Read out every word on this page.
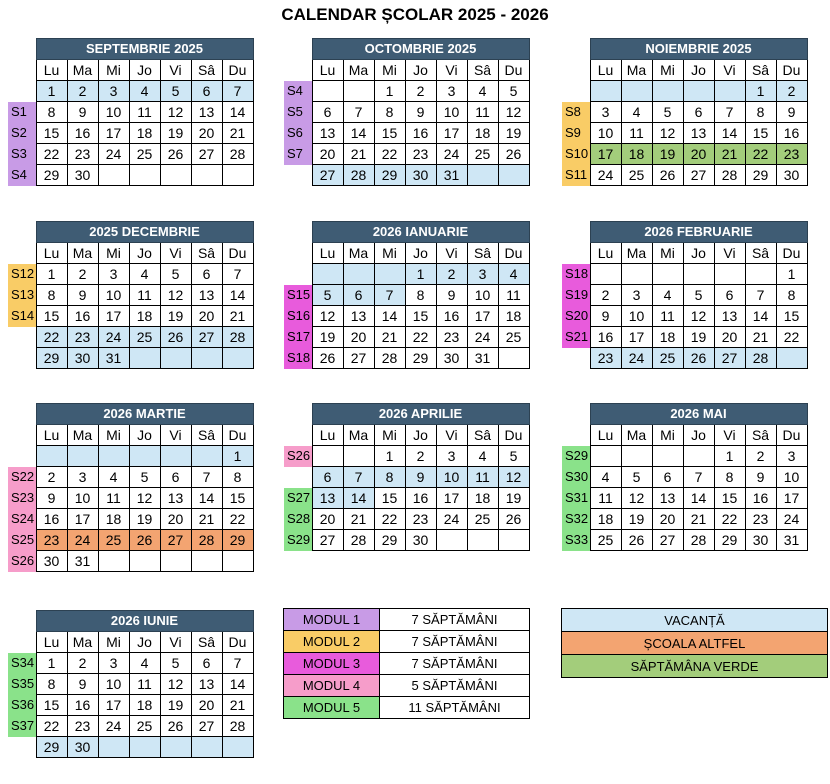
CALENDAR ȘCOLAR 2025 - 2026
	SEPTEMBRIE 2025						
	Lu	Ma	Mi	Jo	Vi	Sâ	Du
	1	2	3	4	5	6	7
S1	8	9	10	11	12	13	14
S2	15	16	17	18	19	20	21
S3	22	23	24	25	26	27	28
S4	29	30					
	OCTOMBRIE 2025						
	Lu	Ma	Mi	Jo	Vi	Sâ	Du
S4			1	2	3	4	5
S5	6	7	8	9	10	11	12
S6	13	14	15	16	17	18	19
S7	20	21	22	23	24	25	26
	27	28	29	30	31		
	NOIEMBRIE 2025						
	Lu	Ma	Mi	Jo	Vi	Sâ	Du
						1	2
S8	3	4	5	6	7	8	9
S9	10	11	12	13	14	15	16
S10	17	18	19	20	21	22	23
S11	24	25	26	27	28	29	30
	2025 DECEMBRIE						
	Lu	Ma	Mi	Jo	Vi	Sâ	Du
S12	1	2	3	4	5	6	7
S13	8	9	10	11	12	13	14
S14	15	16	17	18	19	20	21
	22	23	24	25	26	27	28
	29	30	31				
	2026 IANUARIE						
	Lu	Ma	Mi	Jo	Vi	Sâ	Du
				1	2	3	4
S15	5	6	7	8	9	10	11
S16	12	13	14	15	16	17	18
S17	19	20	21	22	23	24	25
S18	26	27	28	29	30	31	
	2026 FEBRUARIE						
	Lu	Ma	Mi	Jo	Vi	Sâ	Du
S18							1
S19	2	3	4	5	6	7	8
S20	9	10	11	12	13	14	15
S21	16	17	18	19	20	21	22
	23	24	25	26	27	28	
	2026 MARTIE						
	Lu	Ma	Mi	Jo	Vi	Sâ	Du
							1
S22	2	3	4	5	6	7	8
S23	9	10	11	12	13	14	15
S24	16	17	18	19	20	21	22
S25	23	24	25	26	27	28	29
S26	30	31					
	2026 APRILIE						
	Lu	Ma	Mi	Jo	Vi	Sâ	Du
S26			1	2	3	4	5
	6	7	8	9	10	11	12
S27	13	14	15	16	17	18	19
S28	20	21	22	23	24	25	26
S29	27	28	29	30			
	2026 MAI						
	Lu	Ma	Mi	Jo	Vi	Sâ	Du
S29					1	2	3
S30	4	5	6	7	8	9	10
S31	11	12	13	14	15	16	17
S32	18	19	20	21	22	23	24
S33	25	26	27	28	29	30	31
	2026 IUNIE						
	Lu	Ma	Mi	Jo	Vi	Sâ	Du
S34	1	2	3	4	5	6	7
S35	8	9	10	11	12	13	14
S36	15	16	17	18	19	20	21
S37	22	23	24	25	26	27	28
	29	30					
MODUL 1	7 SĂPTĂMÂNI
MODUL 2	7 SĂPTĂMÂNI
MODUL 3	7 SĂPTĂMÂNI
MODUL 4	5 SĂPTĂMÂNI
MODUL 5	11 SĂPTĂMÂNI
VACANȚĂ
ȘCOALA ALTFEL
SĂPTĂMÂNA VERDE
